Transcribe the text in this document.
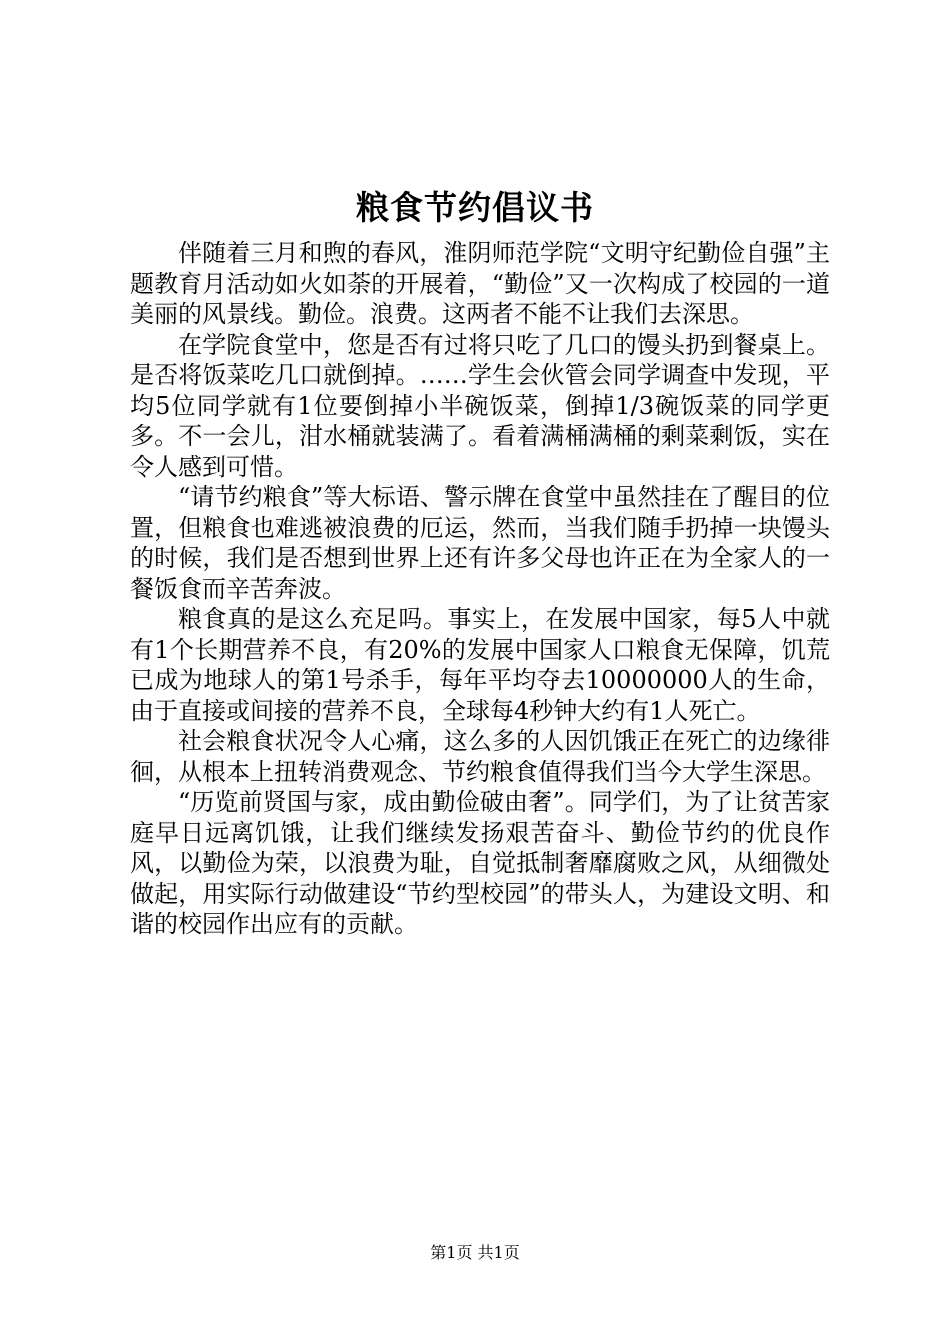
粮食节约倡议书

伴随着三月和煦的春风，淮阴师范学院“文明守纪勤俭自强”主题教育月活动如火如荼的开展着，“勤俭”又一次构成了校园的一道美丽的风景线。勤俭。浪费。这两者不能不让我们去深思。

在学院食堂中，您是否有过将只吃了几口的馒头扔到餐桌上。是否将饭菜吃几口就倒掉。……学生会伙管会同学调查中发现，平均5位同学就有1位要倒掉小半碗饭菜，倒掉1/3碗饭菜的同学更多。不一会儿，泔水桶就装满了。看着满桶满桶的剩菜剩饭，实在令人感到可惜。

“请节约粮食”等大标语、警示牌在食堂中虽然挂在了醒目的位置，但粮食也难逃被浪费的厄运，然而，当我们随手扔掉一块馒头的时候，我们是否想到世界上还有许多父母也许正在为全家人的一餐饭食而辛苦奔波。

粮食真的是这么充足吗。事实上，在发展中国家，每5人中就有1个长期营养不良，有20%的发展中国家人口粮食无保障，饥荒已成为地球人的第1号杀手，每年平均夺去10000000人的生命，由于直接或间接的营养不良，全球每4秒钟大约有1人死亡。

社会粮食状况令人心痛，这么多的人因饥饿正在死亡的边缘徘徊，从根本上扭转消费观念、节约粮食值得我们当今大学生深思。

“历览前贤国与家，成由勤俭破由奢”。同学们，为了让贫苦家庭早日远离饥饿，让我们继续发扬艰苦奋斗、勤俭节约的优良作风，以勤俭为荣，以浪费为耻，自觉抵制奢靡腐败之风，从细微处做起，用实际行动做建设“节约型校园”的带头人，为建设文明、和谐的校园作出应有的贡献。

第1页 共1页
